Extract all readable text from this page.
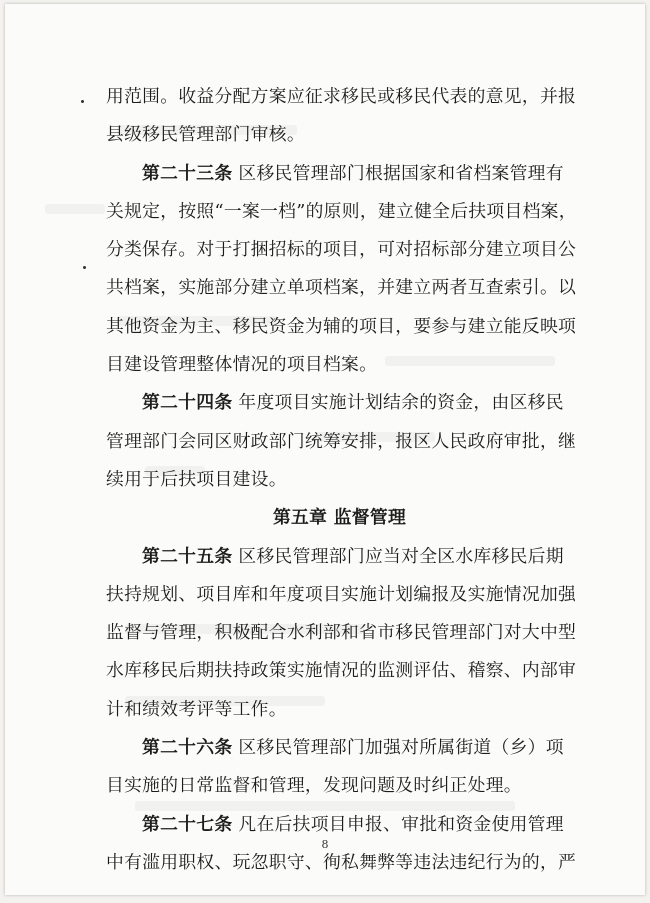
用范围。收益分配方案应征求移民或移民代表的意见，并报
县级移民管理部门审核。
第二十三条 区移民管理部门根据国家和省档案管理有
关规定，按照“一案一档”的原则，建立健全后扶项目档案，
分类保存。对于打捆招标的项目，可对招标部分建立项目公
共档案，实施部分建立单项档案，并建立两者互查索引。以
其他资金为主、移民资金为辅的项目，要参与建立能反映项
目建设管理整体情况的项目档案。
第二十四条 年度项目实施计划结余的资金，由区移民
管理部门会同区财政部门统筹安排，报区人民政府审批，继
续用于后扶项目建设。
第五章 监督管理
第二十五条 区移民管理部门应当对全区水库移民后期
扶持规划、项目库和年度项目实施计划编报及实施情况加强
监督与管理，积极配合水利部和省市移民管理部门对大中型
水库移民后期扶持政策实施情况的监测评估、稽察、内部审
计和绩效考评等工作。
第二十六条 区移民管理部门加强对所属街道（乡）项
目实施的日常监督和管理，发现问题及时纠正处理。
第二十七条 凡在后扶项目申报、审批和资金使用管理
中有滥用职权、玩忽职守、徇私舞弊等违法违纪行为的，严
8
